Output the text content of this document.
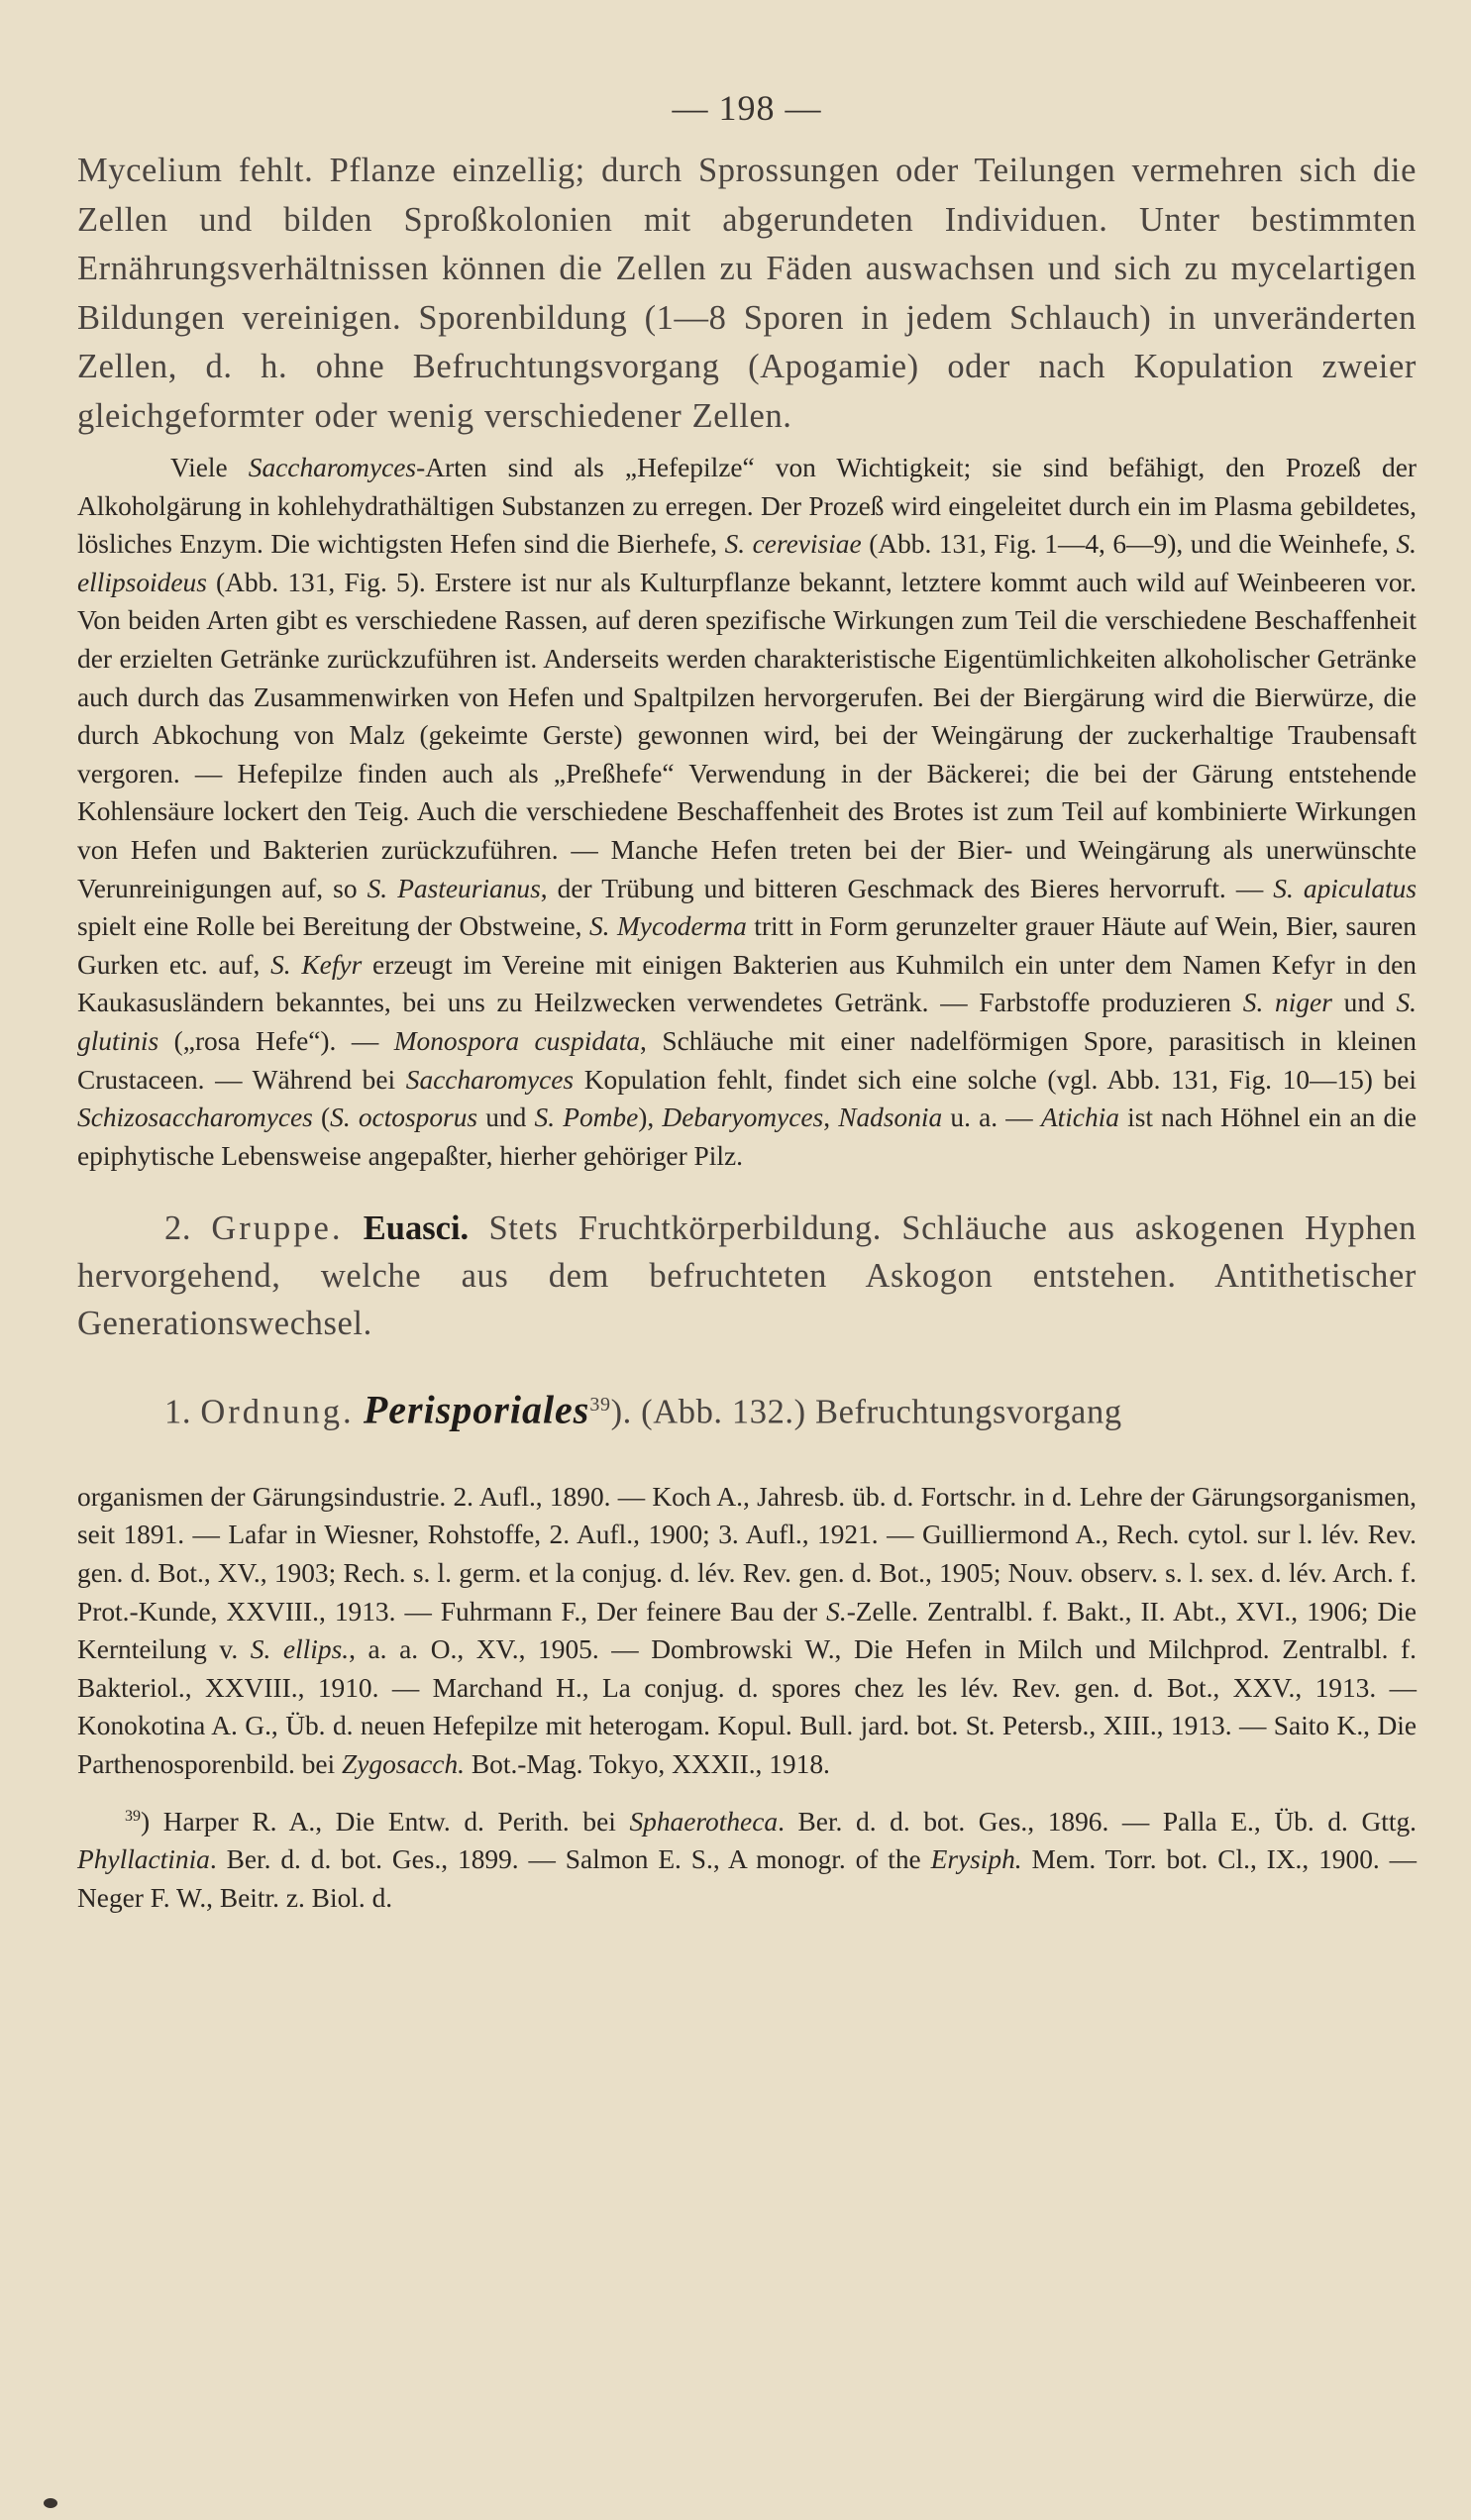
— 198 —

Mycelium fehlt. Pflanze einzellig; durch Sprossungen oder Teilungen vermehren sich die Zellen und bilden Sproßkolonien mit abgerundeten Individuen. Unter bestimmten Ernährungsverhältnissen können die Zellen zu Fäden auswachsen und sich zu mycelartigen Bildungen vereinigen. Sporenbildung (1—8 Sporen in jedem Schlauch) in unveränderten Zellen, d. h. ohne Befruchtungsvorgang (Apogamie) oder nach Kopulation zweier gleichgeformter oder wenig verschiedener Zellen.

Viele Saccharomyces-Arten sind als „Hefepilze“ von Wichtigkeit; sie sind befähigt, den Prozeß der Alkoholgärung in kohlehydrathältigen Substanzen zu erregen. Der Prozeß wird eingeleitet durch ein im Plasma gebildetes, lösliches Enzym. Die wichtigsten Hefen sind die Bierhefe, S. cerevisiae (Abb. 131, Fig. 1—4, 6—9), und die Weinhefe, S. ellipsoideus (Abb. 131, Fig. 5). Erstere ist nur als Kulturpflanze bekannt, letztere kommt auch wild auf Weinbeeren vor. Von beiden Arten gibt es verschiedene Rassen, auf deren spezifische Wirkungen zum Teil die verschiedene Beschaffenheit der erzielten Getränke zurückzuführen ist. Anderseits werden charakteristische Eigentümlichkeiten alkoholischer Getränke auch durch das Zusammenwirken von Hefen und Spaltpilzen hervorgerufen. Bei der Biergärung wird die Bierwürze, die durch Abkochung von Malz (gekeimte Gerste) gewonnen wird, bei der Weingärung der zuckerhaltige Traubensaft vergoren. — Hefepilze finden auch als „Preßhefe“ Verwendung in der Bäckerei; die bei der Gärung entstehende Kohlensäure lockert den Teig. Auch die verschiedene Beschaffenheit des Brotes ist zum Teil auf kombinierte Wirkungen von Hefen und Bakterien zurückzuführen. — Manche Hefen treten bei der Bier- und Weingärung als unerwünschte Verunreinigungen auf, so S. Pasteurianus, der Trübung und bitteren Geschmack des Bieres hervorruft. — S. apiculatus spielt eine Rolle bei Bereitung der Obstweine, S. Mycoderma tritt in Form gerunzelter grauer Häute auf Wein, Bier, sauren Gurken etc. auf, S. Kefyr erzeugt im Vereine mit einigen Bakterien aus Kuhmilch ein unter dem Namen Kefyr in den Kaukasusländern bekanntes, bei uns zu Heilzwecken verwendetes Getränk. — Farbstoffe produzieren S. niger und S. glutinis („rosa Hefe“). — Monospora cuspidata, Schläuche mit einer nadelförmigen Spore, parasitisch in kleinen Crustaceen. — Während bei Saccharomyces Kopulation fehlt, findet sich eine solche (vgl. Abb. 131, Fig. 10—15) bei Schizosaccharomyces (S. octosporus und S. Pombe), Debaryomyces, Nadsonia u. a. — Atichia ist nach Höhnel ein an die epiphytische Lebensweise angepaßter, hierher gehöriger Pilz.

2. Gruppe. Euasci. Stets Fruchtkörperbildung. Schläuche aus askogenen Hyphen hervorgehend, welche aus dem befruchteten Askogon entstehen. Antithetischer Generationswechsel.

1. Ordnung. Perisporiales$^{39}$). (Abb. 132.) Befruchtungsvorgang

organismen der Gärungsindustrie. 2. Aufl., 1890. — Koch A., Jahresb. üb. d. Fortschr. in d. Lehre der Gärungsorganismen, seit 1891. — Lafar in Wiesner, Rohstoffe, 2. Aufl., 1900; 3. Aufl., 1921. — Guilliermond A., Rech. cytol. sur l. lév. Rev. gen. d. Bot., XV., 1903; Rech. s. l. germ. et la conjug. d. lév. Rev. gen. d. Bot., 1905; Nouv. observ. s. l. sex. d. lév. Arch. f. Prot.-Kunde, XXVIII., 1913. — Fuhrmann F., Der feinere Bau der S.-Zelle. Zentralbl. f. Bakt., II. Abt., XVI., 1906; Die Kernteilung v. S. ellips., a. a. O., XV., 1905. — Dombrowski W., Die Hefen in Milch und Milchprod. Zentralbl. f. Bakteriol., XXVIII., 1910. — Marchand H., La conjug. d. spores chez les lév. Rev. gen. d. Bot., XXV., 1913. — Konokotina A. G., Üb. d. neuen Hefepilze mit heterogam. Kopul. Bull. jard. bot. St. Petersb., XIII., 1913. — Saito K., Die Parthenosporenbild. bei Zygosacch. Bot.-Mag. Tokyo, XXXII., 1918.

$^{39}$) Harper R. A., Die Entw. d. Perith. bei Sphaerotheca. Ber. d. d. bot. Ges., 1896. — Palla E., Üb. d. Gttg. Phyllactinia. Ber. d. d. bot. Ges., 1899. — Salmon E. S., A monogr. of the Erysiph. Mem. Torr. bot. Cl., IX., 1900. — Neger F. W., Beitr. z. Biol. d.
